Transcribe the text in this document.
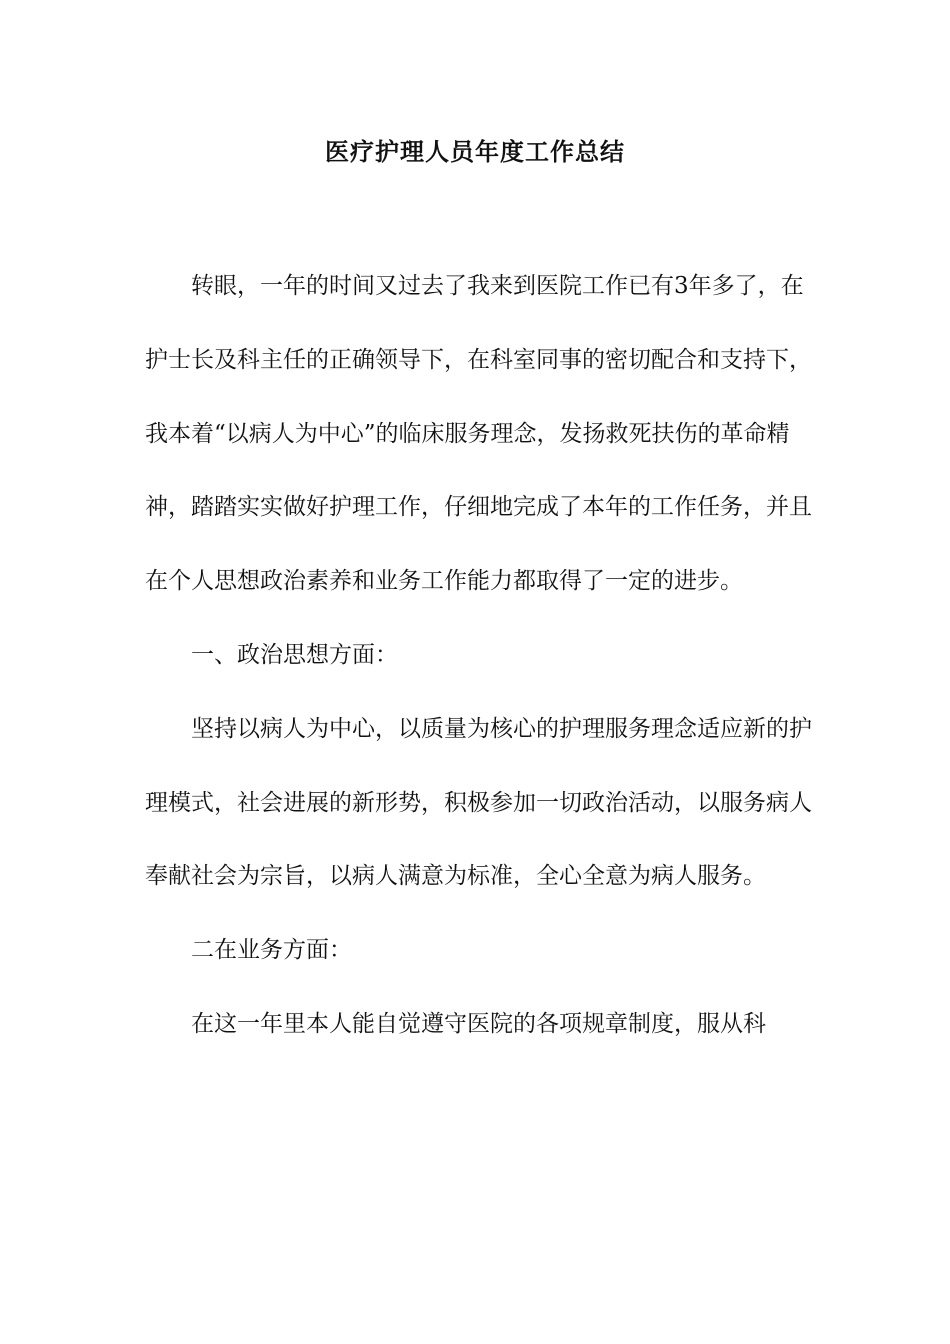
医疗护理人员年度工作总结

转眼，一年的时间又过去了我来到医院工作已有3年多了，在护士长及科主任的正确领导下，在科室同事的密切配合和支持下，我本着“以病人为中心”的临床服务理念，发扬救死扶伤的革命精神，踏踏实实做好护理工作，仔细地完成了本年的工作任务，并且在个人思想政治素养和业务工作能力都取得了一定的进步。

一、政治思想方面：

坚持以病人为中心，以质量为核心的护理服务理念适应新的护理模式，社会进展的新形势，积极参加一切政治活动，以服务病人奉献社会为宗旨，以病人满意为标准，全心全意为病人服务。

二在业务方面：

在这一年里本人能自觉遵守医院的各项规章制度，服从科
